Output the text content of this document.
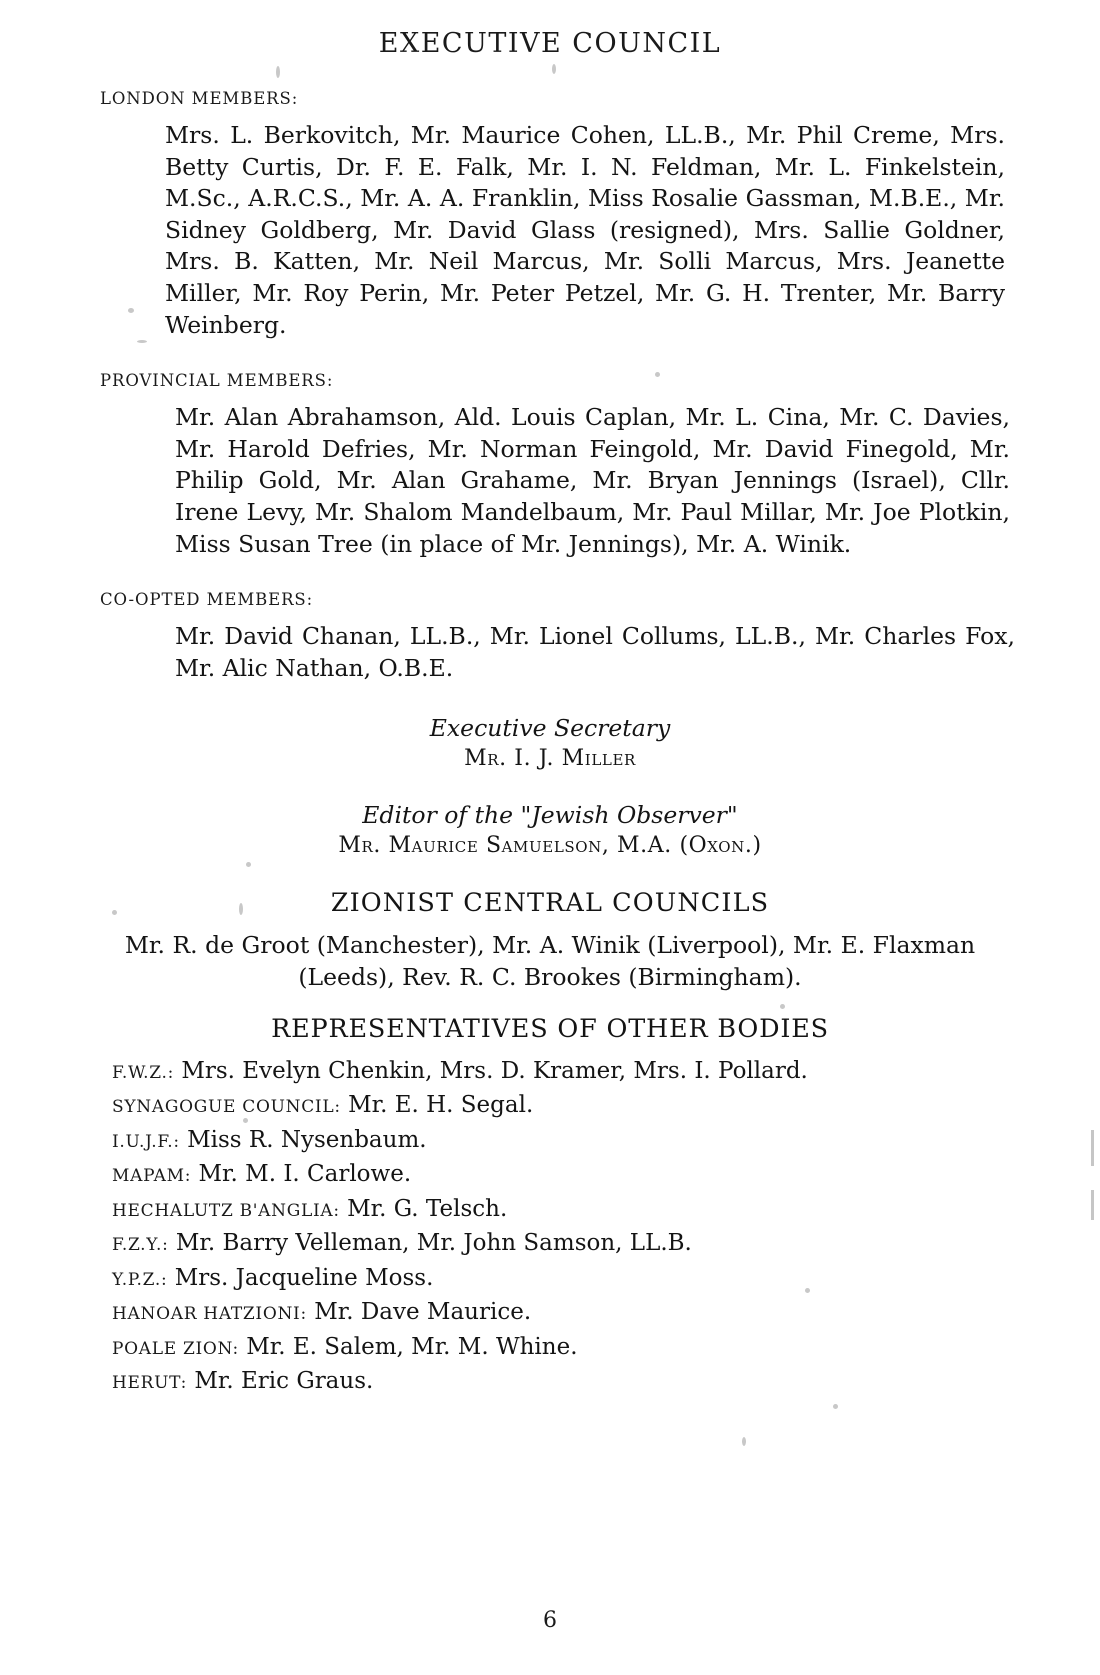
EXECUTIVE COUNCIL
LONDON MEMBERS:

Mrs. L. Berkovitch, Mr. Maurice Cohen, LL.B., Mr. Phil Creme, Mrs. Betty Curtis, Dr. F. E. Falk, Mr. I. N. Feldman, Mr. L. Finkelstein, M.Sc., A.R.C.S., Mr. A. A. Franklin, Miss Rosalie Gassman, M.B.E., Mr. Sidney Goldberg, Mr. David Glass (resigned), Mrs. Sallie Goldner, Mrs. B. Katten, Mr. Neil Marcus, Mr. Solli Marcus, Mrs. Jeanette Miller, Mr. Roy Perin, Mr. Peter Petzel, Mr. G. H. Trenter, Mr. Barry Weinberg.

PROVINCIAL MEMBERS:

Mr. Alan Abrahamson, Ald. Louis Caplan, Mr. L. Cina, Mr. C. Davies, Mr. Harold Defries, Mr. Norman Feingold, Mr. David Finegold, Mr. Philip Gold, Mr. Alan Grahame, Mr. Bryan Jennings (Israel), Cllr. Irene Levy, Mr. Shalom Mandelbaum, Mr. Paul Millar, Mr. Joe Plotkin, Miss Susan Tree (in place of Mr. Jennings), Mr. A. Winik.

CO-OPTED MEMBERS:

Mr. David Chanan, LL.B., Mr. Lionel Collums, LL.B., Mr. Charles Fox, Mr. Alic Nathan, O.B.E.

Executive Secretary

Mr. I. J. Miller

Editor of the "Jewish Observer"

Mr. Maurice Samuelson, M.A. (Oxon.)

ZIONIST CENTRAL COUNCILS

Mr. R. de Groot (Manchester), Mr. A. Winik (Liverpool), Mr. E. Flaxman (Leeds), Rev. R. C. Brookes (Birmingham).

REPRESENTATIVES OF OTHER BODIES

F.W.Z.: Mrs. Evelyn Chenkin, Mrs. D. Kramer, Mrs. I. Pollard.
SYNAGOGUE COUNCIL: Mr. E. H. Segal.
I.U.J.F.: Miss R. Nysenbaum.
MAPAM: Mr. M. I. Carlowe.
HECHALUTZ B'ANGLIA: Mr. G. Telsch.
F.Z.Y.: Mr. Barry Velleman, Mr. John Samson, LL.B.
Y.P.Z.: Mrs. Jacqueline Moss.
HANOAR HATZIONI: Mr. Dave Maurice.
POALE ZION: Mr. E. Salem, Mr. M. Whine.
HERUT: Mr. Eric Graus.
6
